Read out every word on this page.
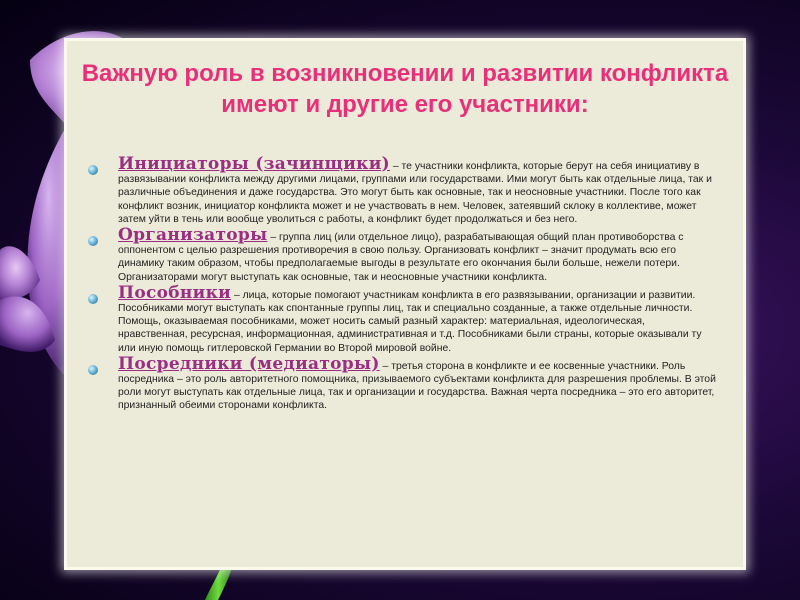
Важную роль в возникновении и развитии конфликта имеют и другие его участники:
Инициаторы (зачинщики) – те участники конфликта, которые берут на себя инициативу в развязывании конфликта между другими лицами, группами или государствами. Ими могут быть как отдельные лица, так и различные объединения и даже государства. Это могут быть как основные, так и неосновные участники. После того как конфликт возник, инициатор конфликта может и не участвовать в нем. Человек, затеявший склоку в коллективе, может затем уйти в тень или вообще уволиться с работы, а конфликт будет продолжаться и без него.
Организаторы – группа лиц (или отдельное лицо), разрабатывающая общий план противоборства с оппонентом с целью разрешения противоречия в свою пользу. Организовать конфликт – значит продумать всю его динамику таким образом, чтобы предполагаемые выгоды в результате его окончания были больше, нежели потери. Организаторами могут выступать как основные, так и неосновные участники конфликта.
Пособники – лица, которые помогают участникам конфликта в его развязывании, организации и развитии. Пособниками могут выступать как спонтанные группы лиц, так и специально созданные, а также отдельные личности. Помощь, оказываемая пособниками, может носить самый разный характер: материальная, идеологическая, нравственная, ресурсная, информационная, административная и т.д. Пособниками были страны, которые оказывали ту или иную помощь гитлеровской Германии во Второй мировой войне.
Посредники (медиаторы) – третья сторона в конфликте и ее косвенные участники. Роль посредника – это роль авторитетного помощника, призываемого субъектами конфликта для разрешения проблемы. В этой роли могут выступать как отдельные лица, так и организации и государства. Важная черта посредника – это его авторитет, признанный обеими сторонами конфликта.
